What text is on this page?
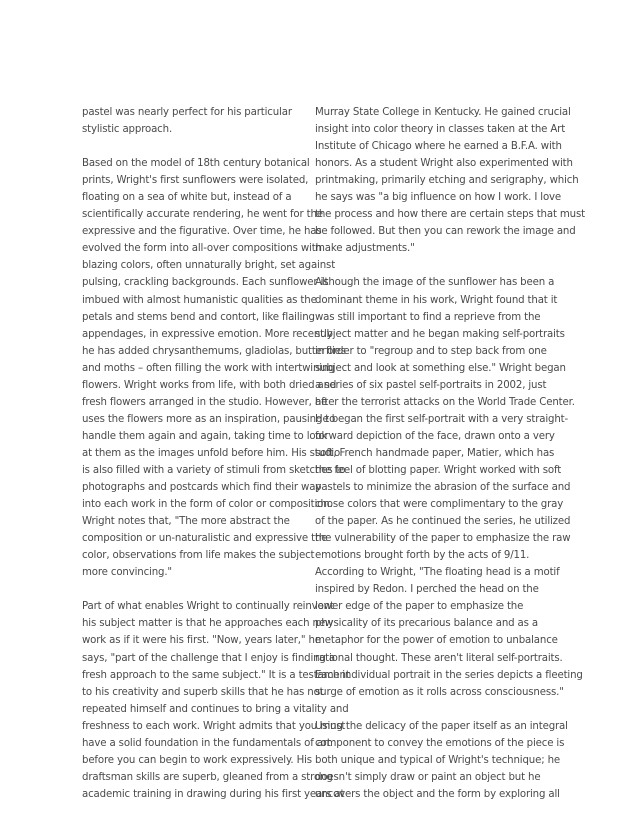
pastel was nearly perfect for his particular
stylistic approach.
Based on the model of 18th century botanical
prints, Wright's first sunflowers were isolated,
floating on a sea of white but, instead of a
scientifically accurate rendering, he went for the
expressive and the figurative. Over time, he has
evolved the form into all-over compositions with
blazing colors, often unnaturally bright, set against
pulsing, crackling backgrounds. Each sunflower is
imbued with almost humanistic qualities as the
petals and stems bend and contort, like flailing
appendages, in expressive emotion. More recently
he has added chrysanthemums, gladiolas, butterflies
and moths – often filling the work with intertwining
flowers. Wright works from life, with both dried and
fresh flowers arranged in the studio. However, he
uses the flowers more as an inspiration, pausing to
handle them again and again, taking time to look
at them as the images unfold before him. His studio
is also filled with a variety of stimuli from sketches to
photographs and postcards which find their way
into each work in the form of color or composition.
Wright notes that, "The more abstract the
composition or un-naturalistic and expressive the
color, observations from life makes the subject
more convincing."
Part of what enables Wright to continually reinvent
his subject matter is that he approaches each new
work as if it were his first. "Now, years later," he
says, "part of the challenge that I enjoy is finding a
fresh approach to the same subject." It is a testament
to his creativity and superb skills that he has not
repeated himself and continues to bring a vitality and
freshness to each work. Wright admits that you must
have a solid foundation in the fundamentals of art
before you can begin to work expressively. His
draftsman skills are superb, gleaned from a strong
academic training in drawing during his first years at
Murray State College in Kentucky. He gained crucial
insight into color theory in classes taken at the Art
Institute of Chicago where he earned a B.F.A. with
honors. As a student Wright also experimented with
printmaking, primarily etching and serigraphy, which
he says was "a big influence on how I work. I love
the process and how there are certain steps that must
be followed. But then you can rework the image and
make adjustments."
Although the image of the sunflower has been a
dominant theme in his work, Wright found that it
was still important to find a reprieve from the
subject matter and he began making self-portraits
in order to "regroup and to step back from one
subject and look at something else." Wright began
a series of six pastel self-portraits in 2002, just
after the terrorist attacks on the World Trade Center.
He began the first self-portrait with a very straight-
forward depiction of the face, drawn onto a very
soft, French handmade paper, Matier, which has
the feel of blotting paper. Wright worked with soft
pastels to minimize the abrasion of the surface and
chose colors that were complimentary to the gray
of the paper. As he continued the series, he utilized
the vulnerability of the paper to emphasize the raw
emotions brought forth by the acts of 9/11.
According to Wright, "The floating head is a motif
inspired by Redon. I perched the head on the
lower edge of the paper to emphasize the
physicality of its precarious balance and as a
metaphor for the power of emotion to unbalance
rational thought. These aren't literal self-portraits.
Each individual portrait in the series depicts a fleeting
surge of emotion as it rolls across consciousness."
Using the delicacy of the paper itself as an integral
component to convey the emotions of the piece is
both unique and typical of Wright's technique; he
doesn't simply draw or paint an object but he
uncovers the object and the form by exploring all
